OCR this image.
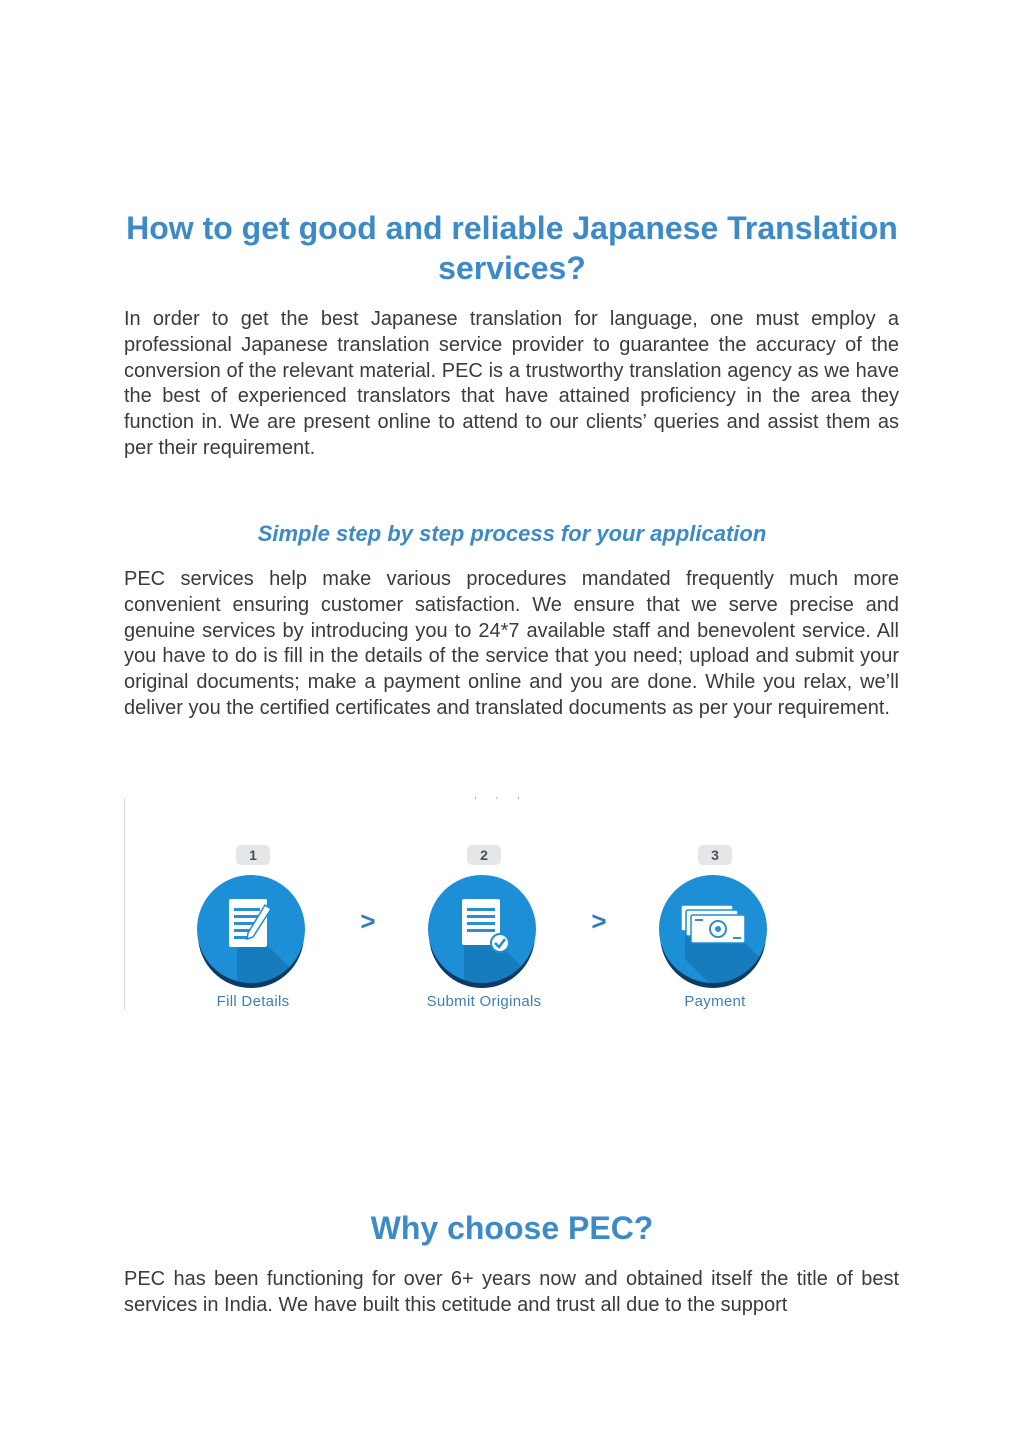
How to get good and reliable Japanese Translation services?

In order to get the best Japanese translation for language, one must employ a professional Japanese translation service provider to guarantee the accuracy of the conversion of the relevant material. PEC is a trustworthy translation agency as we have the best of experienced translators that have attained proficiency in the area they function in. We are present online to attend to our clients’ queries and assist them as per their requirement.

Simple step by step process for your application

PEC services help make various procedures mandated frequently much more convenient ensuring customer satisfaction. We ensure that we serve precise and genuine services by introducing you to 24*7 available staff and benevolent service. All you have to do is fill in the details of the service that you need; upload and submit your original documents; make a payment online and you are done. While you relax, we’ll deliver you the certified certificates and translated documents as per your requirement.

, , ,
1
Fill Details
>
2
Submit Originals
>
3
Payment
Why choose PEC?

PEC has been functioning for over 6+ years now and obtained itself the title of best services in India. We have built this cetitude and trust all due to the support
